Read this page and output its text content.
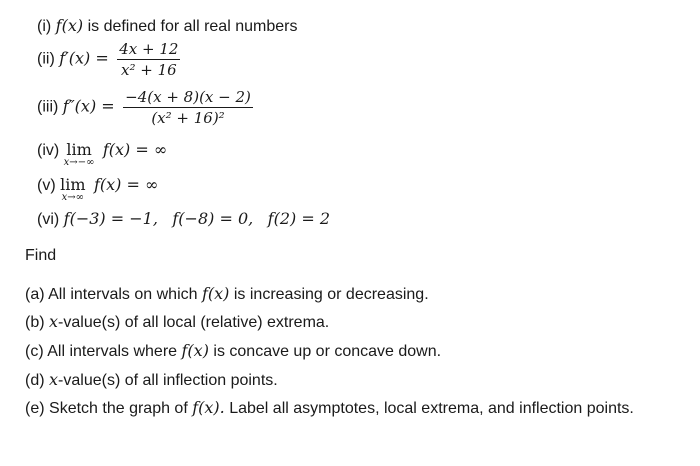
(i) f(x) is defined for all real numbers
(ii) $f'(x) = \frac{4x + 12}{\text{x² + 16}}$
(iii) $f''(x) = \frac{-4(x + 8)(x - 2)}{\text{(x² + 16)²}}$
(iv) lim
x→−∞
f(x) = ∞
(v) lim
x→∞
f(x) = ∞
(vi) f(−3) = −1, f(−8) = 0, f(2) = 2
Find
(a) All intervals on which f(x) is increasing or decreasing.
(b) x-value(s) of all local (relative) extrema.
(c) All intervals where f(x) is concave up or concave down.
(d) x-value(s) of all inflection points.
(e) Sketch the graph of f(x). Label all asymptotes, local extrema, and inflection points.
